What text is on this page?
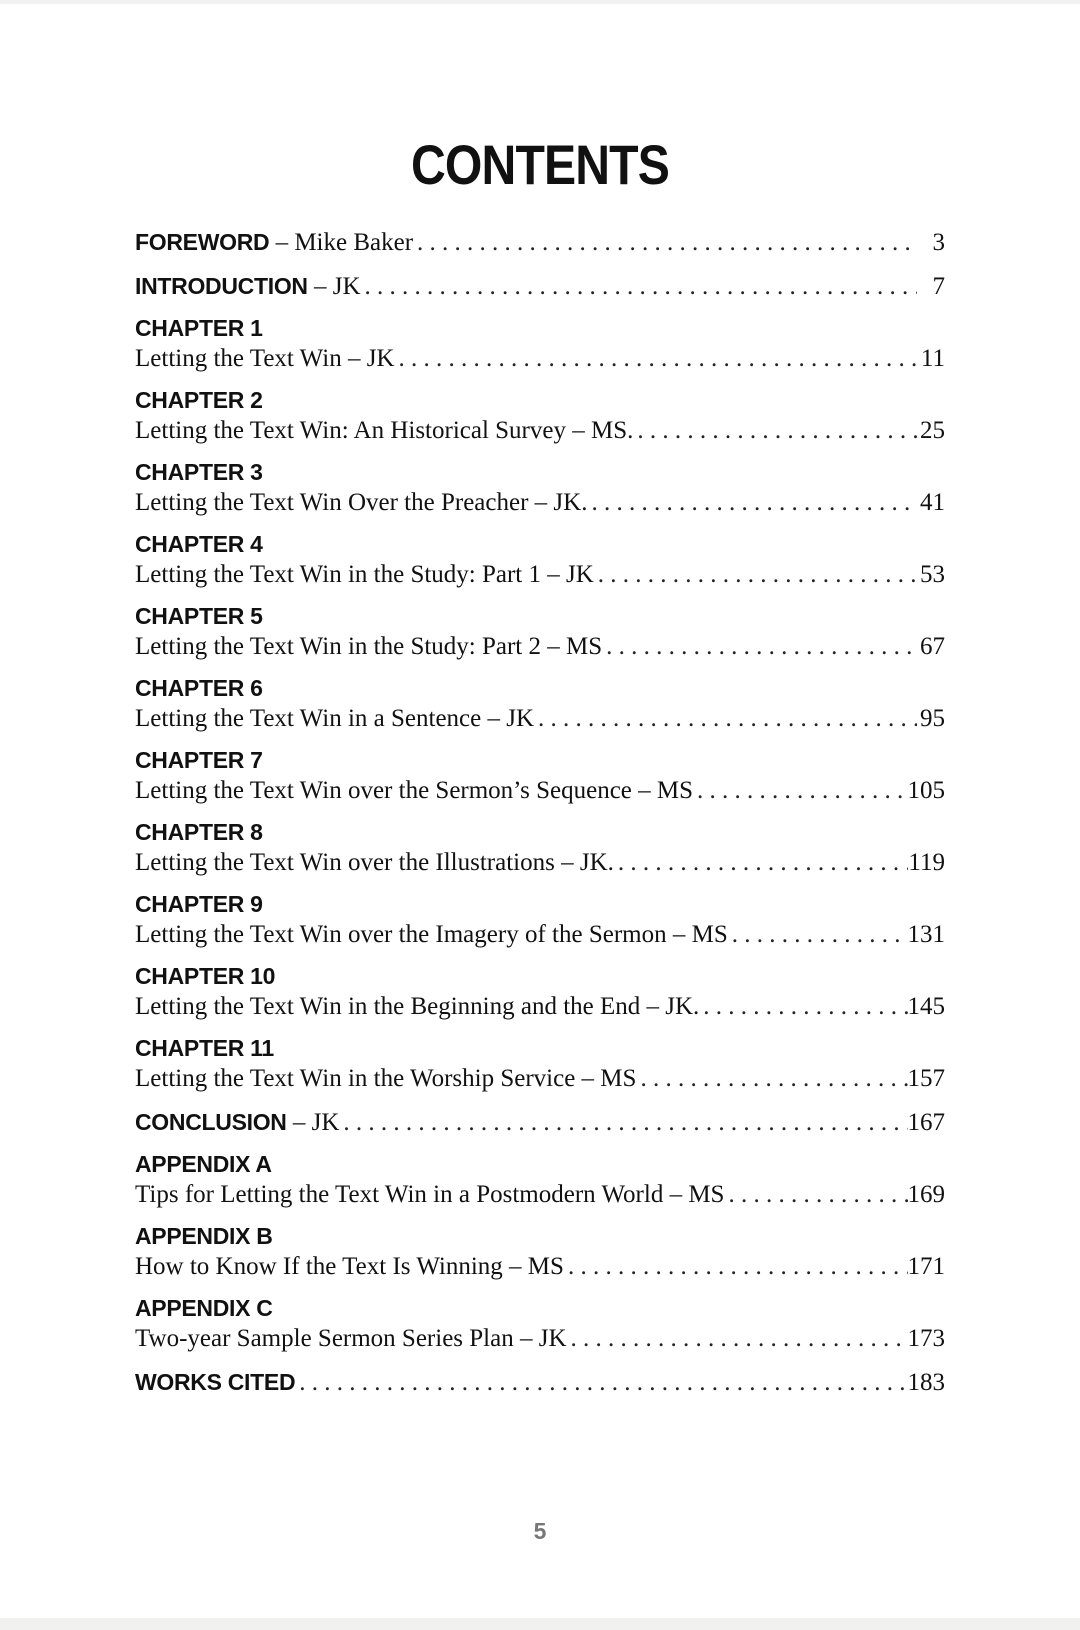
CONTENTS
FOREWORD – Mike Baker . . .	3
INTRODUCTION – JK . . .	7
CHAPTER 1
Letting the Text Win – JK . . .	11
CHAPTER 2
Letting the Text Win: An Historical Survey – MS. . . .	25
CHAPTER 3
Letting the Text Win Over the Preacher – JK. . . .	41
CHAPTER 4
Letting the Text Win in the Study: Part 1 – JK . . .	53
CHAPTER 5
Letting the Text Win in the Study: Part 2 – MS . . .	67
CHAPTER 6
Letting the Text Win in a Sentence – JK . . .	95
CHAPTER 7
Letting the Text Win over the Sermon’s Sequence – MS . . .	105
CHAPTER 8
Letting the Text Win over the Illustrations – JK. . . .	119
CHAPTER 9
Letting the Text Win over the Imagery of the Sermon – MS . . .	131
CHAPTER 10
Letting the Text Win in the Beginning and the End – JK. . . .	145
CHAPTER 11
Letting the Text Win in the Worship Service – MS . . .	157
CONCLUSION – JK . . .	167
APPENDIX A
Tips for Letting the Text Win in a Postmodern World – MS . . .	169
APPENDIX B
How to Know If the Text Is Winning – MS . . .	171
APPENDIX C
Two-year Sample Sermon Series Plan – JK . . .	173
WORKS CITED . . .	183
5
